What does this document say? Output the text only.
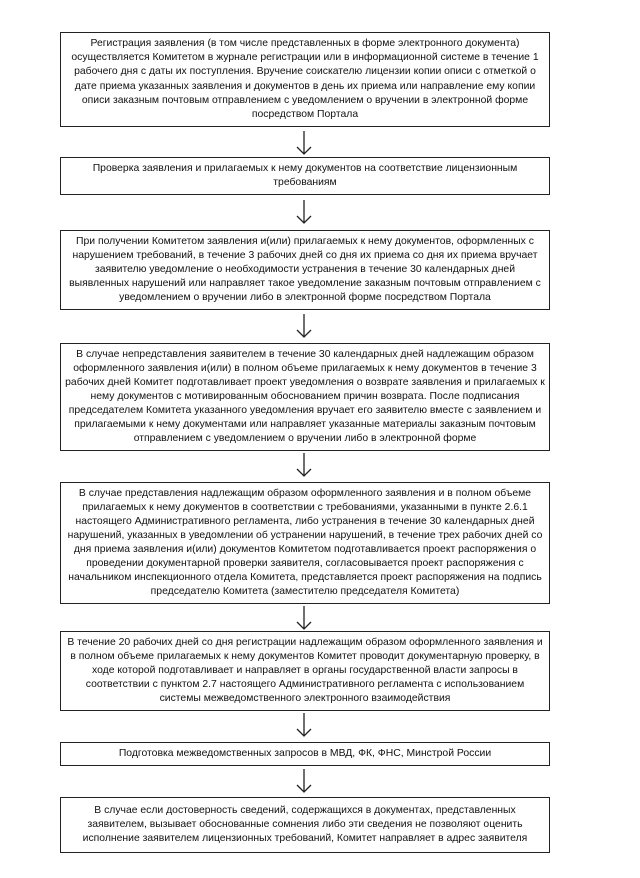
Регистрация заявления (в том числе представленных в форме электронного документа) осуществляется Комитетом в журнале регистрации или в информационной системе в течение 1 рабочего дня с даты их поступления. Вручение соискателю лицензии копии описи с отметкой о дате приема указанных заявления и документов в день их приема или направление ему копии описи заказным почтовым отправлением с уведомлением о вручении в электронной форме посредством Портала
Проверка заявления и прилагаемых к нему документов на соответствие лицензионным требованиям
При получении Комитетом заявления и(или) прилагаемых к нему документов, оформленных с нарушением требований, в течение 3 рабочих дней со дня их приема со дня их приема вручает заявителю уведомление о необходимости устранения в течение 30 календарных дней выявленных нарушений или направляет такое уведомление заказным почтовым отправлением с уведомлением о вручении либо в электронной форме посредством Портала
В случае непредставления заявителем в течение 30 календарных дней надлежащим образом оформленного заявления и(или) в полном объеме прилагаемых к нему документов в течение 3 рабочих дней Комитет подготавливает проект уведомления о возврате заявления и прилагаемых к нему документов с мотивированным обоснованием причин возврата. После подписания председателем Комитета указанного уведомления вручает его заявителю вместе с заявлением и прилагаемыми к нему документами или направляет указанные материалы заказным почтовым отправлением с уведомлением о вручении либо в электронной форме
В случае представления надлежащим образом оформленного заявления и в полном объеме прилагаемых к нему документов в соответствии с требованиями, указанными в пункте 2.6.1 настоящего Административного регламента, либо устранения в течение 30 календарных дней нарушений, указанных в уведомлении об устранении нарушений, в течение трех рабочих дней со дня приема заявления и(или) документов Комитетом подготавливается проект распоряжения о проведении документарной проверки заявителя, согласовывается проект распоряжения с начальником инспекционного отдела Комитета, представляется проект распоряжения на подпись председателю Комитета (заместителю председателя Комитета)
В течение 20 рабочих дней со дня регистрации надлежащим образом оформленного заявления и в полном объеме прилагаемых к нему документов Комитет проводит документарную проверку, в ходе которой подготавливает и направляет в органы государственной власти запросы в соответствии с пунктом 2.7 настоящего Административного регламента с использованием системы межведомственного электронного взаимодействия
Подготовка межведомственных запросов в МВД, ФК, ФНС, Минстрой России
В случае если достоверность сведений, содержащихся в документах, представленных заявителем, вызывает обоснованные сомнения либо эти сведения не позволяют оценить исполнение заявителем лицензионных требований, Комитет направляет в адрес заявителя
